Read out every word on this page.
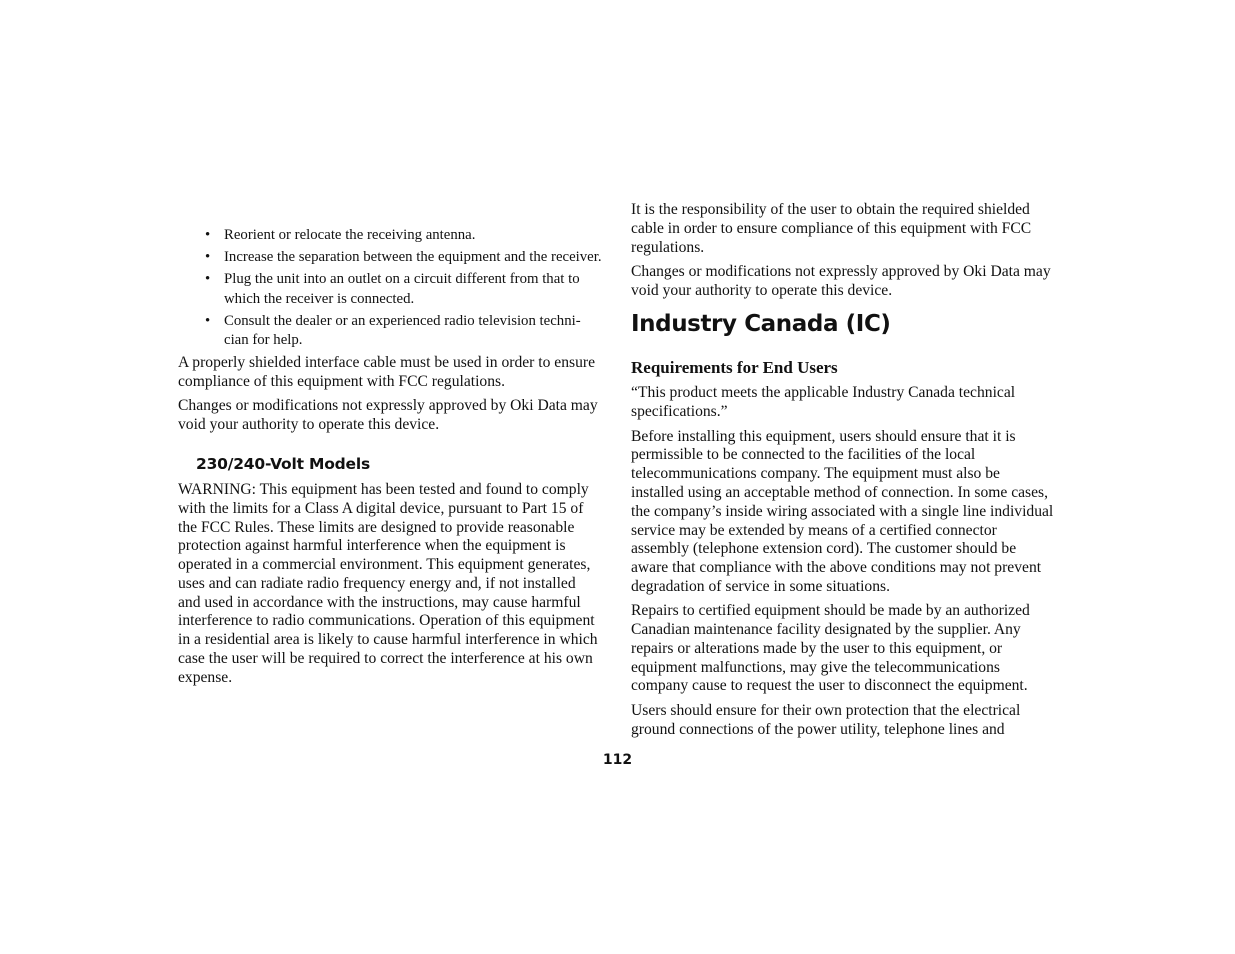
• Reorient or relocate the receiving antenna.
• Increase the separation between the equipment and the receiver.
• Plug the unit into an outlet on a circuit different from that to which the receiver is connected.
• Consult the dealer or an experienced radio television techni-cian for help.

A properly shielded interface cable must be used in order to ensure compliance of this equipment with FCC regulations.

Changes or modifications not expressly approved by Oki Data may void your authority to operate this device.

230/240-Volt Models

WARNING: This equipment has been tested and found to comply with the limits for a Class A digital device, pursuant to Part 15 of the FCC Rules. These limits are designed to provide reasonable protection against harmful interference when the equipment is operated in a commercial environment. This equipment generates, uses and can radiate radio frequency energy and, if not installed and used in accordance with the instructions, may cause harmful interference to radio communications. Operation of this equipment in a residential area is likely to cause harmful interference in which case the user will be required to correct the interference at his own expense.

It is the responsibility of the user to obtain the required shielded cable in order to ensure compliance of this equipment with FCC regulations.

Changes or modifications not expressly approved by Oki Data may void your authority to operate this device.

Industry Canada (IC)
Requirements for End Users

“This product meets the applicable Industry Canada technical specifications.”

Before installing this equipment, users should ensure that it is permissible to be connected to the facilities of the local telecommunications company. The equipment must also be installed using an acceptable method of connection. In some cases, the company’s inside wiring associated with a single line individual service may be extended by means of a certified connector assembly (telephone extension cord). The customer should be aware that compliance with the above conditions may not prevent degradation of service in some situations.

Repairs to certified equipment should be made by an authorized Canadian maintenance facility designated by the supplier. Any repairs or alterations made by the user to this equipment, or equipment malfunctions, may give the telecommunications company cause to request the user to disconnect the equipment.

Users should ensure for their own protection that the electrical ground connections of the power utility, telephone lines and

112
